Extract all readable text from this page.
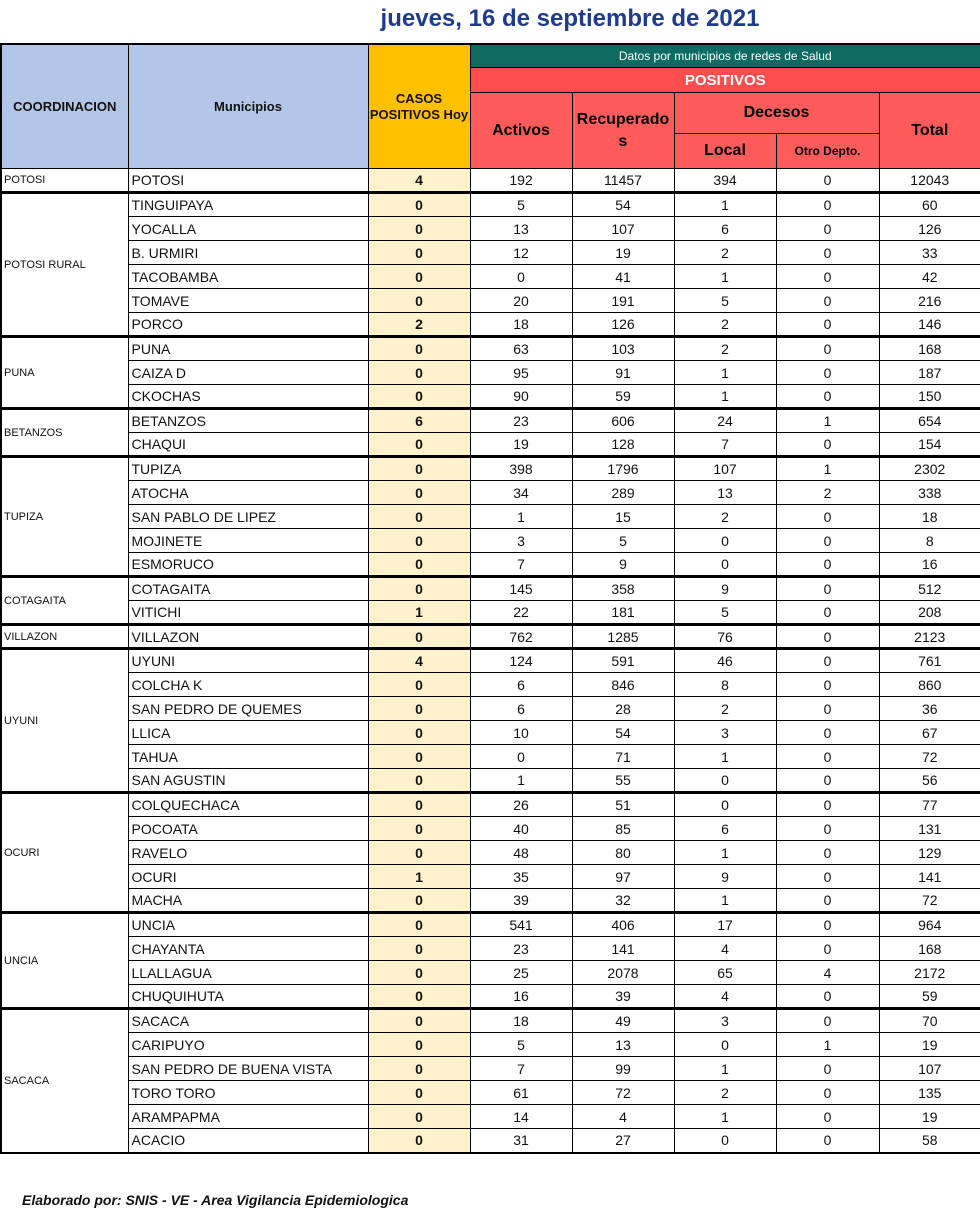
jueves, 16 de septiembre de 2021
COORDINACION	Municipios	CASOS POSITIVOS Hoy	Datos por municipios de redes de Salud				
			POSITIVOS				
			Activos	Recuperado s	Decesos		Total
					Local	Otro Depto.	
POTOSI	POTOSI	4	192	11457	394	0	12043
POTOSI RURAL	TINGUIPAYA	0	5	54	1	0	60
	YOCALLA	0	13	107	6	0	126
	B. URMIRI	0	12	19	2	0	33
	TACOBAMBA	0	0	41	1	0	42
	TOMAVE	0	20	191	5	0	216
	PORCO	2	18	126	2	0	146
PUNA	PUNA	0	63	103	2	0	168
	CAIZA D	0	95	91	1	0	187
	CKOCHAS	0	90	59	1	0	150
BETANZOS	BETANZOS	6	23	606	24	1	654
	CHAQUI	0	19	128	7	0	154
TUPIZA	TUPIZA	0	398	1796	107	1	2302
	ATOCHA	0	34	289	13	2	338
	SAN PABLO DE LIPEZ	0	1	15	2	0	18
	MOJINETE	0	3	5	0	0	8
	ESMORUCO	0	7	9	0	0	16
COTAGAITA	COTAGAITA	0	145	358	9	0	512
	VITICHI	1	22	181	5	0	208
VILLAZON	VILLAZON	0	762	1285	76	0	2123
UYUNI	UYUNI	4	124	591	46	0	761
	COLCHA K	0	6	846	8	0	860
	SAN PEDRO DE QUEMES	0	6	28	2	0	36
	LLICA	0	10	54	3	0	67
	TAHUA	0	0	71	1	0	72
	SAN AGUSTIN	0	1	55	0	0	56
OCURI	COLQUECHACA	0	26	51	0	0	77
	POCOATA	0	40	85	6	0	131
	RAVELO	0	48	80	1	0	129
	OCURI	1	35	97	9	0	141
	MACHA	0	39	32	1	0	72
UNCIA	UNCIA	0	541	406	17	0	964
	CHAYANTA	0	23	141	4	0	168
	LLALLAGUA	0	25	2078	65	4	2172
	CHUQUIHUTA	0	16	39	4	0	59
SACACA	SACACA	0	18	49	3	0	70
	CARIPUYO	0	5	13	0	1	19
	SAN PEDRO DE BUENA VISTA	0	7	99	1	0	107
	TORO TORO	0	61	72	2	0	135
	ARAMPAPMA	0	14	4	1	0	19
	ACACIO	0	31	27	0	0	58
Elaborado por: SNIS - VE - Area Vigilancia Epidemiologica
